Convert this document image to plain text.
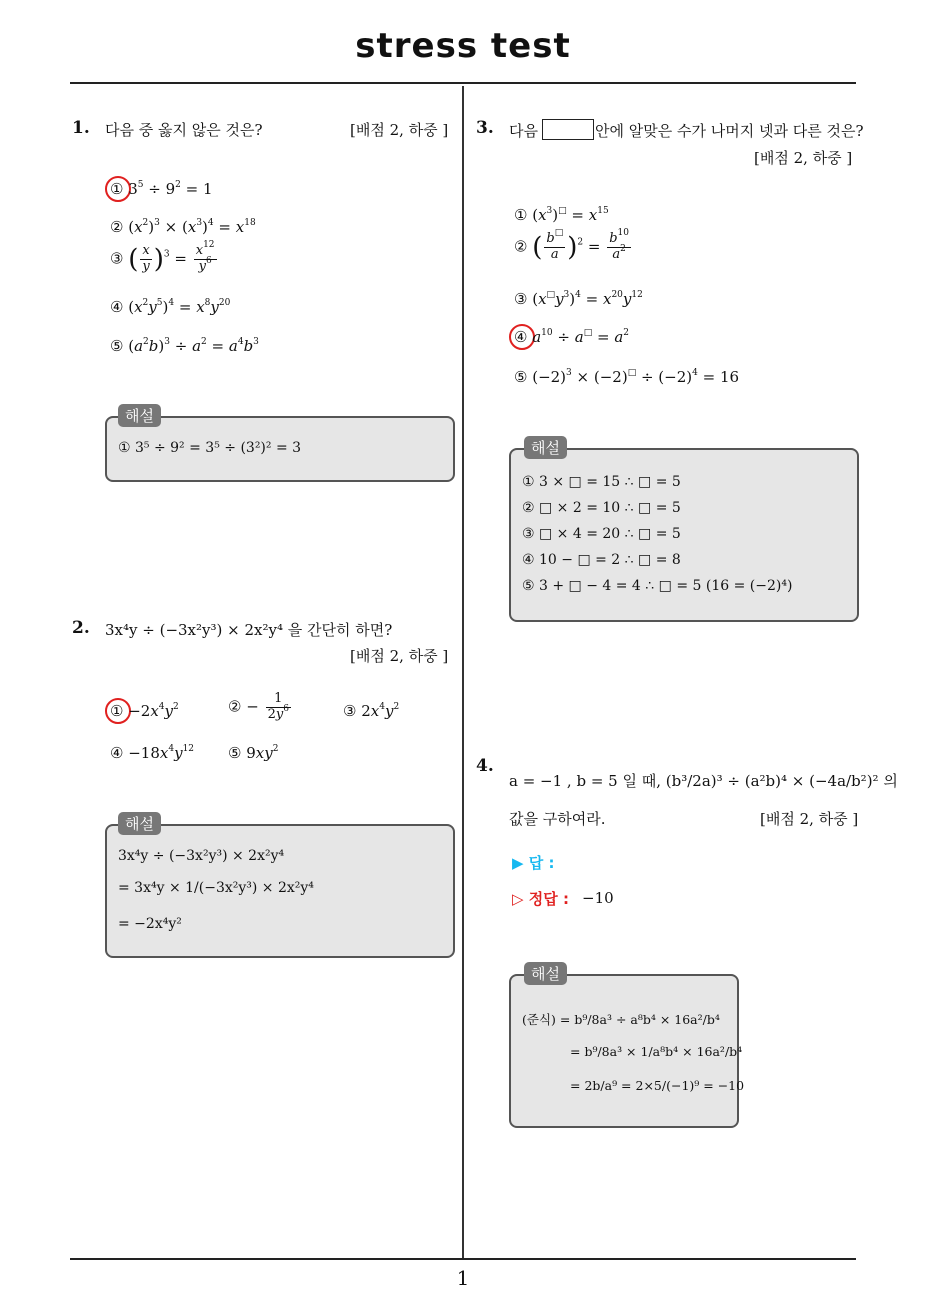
stress test
1
1. 다음 중 옳지 않은 것은?	[배점 2, 하중 ]
① $3^5 \div 9^2 = 1$
② $(x^2)^3 \times (x^3)^4 = x^{18}$
③ ( $\frac{x}{y} )^3 = \frac{x^{12}}{y^6}$
④ $(x^2y^5)^4 = x^8y^{20}$
⑤ $(a^2b)^3 \div a^2 = a^4b^3$
해설
① 3⁵ ÷ 9² = 3⁵ ÷ (3²)² = 3
2. 3x⁴y ÷ (−3x²y³) × 2x²y⁴ 을 간단히 하면?
[배점 2, 하중 ]
① $-2x^4y^2$	② − $\frac{1}{2y^6}$	③ $2x^4y^2$
④ $-18x^4y^{12}$ ⑤ $9xy^2$
해설
3x⁴y ÷ (−3x²y³) × 2x²y⁴
= 3x⁴y × 1/(−3x²y³) × 2x²y⁴
= −2x⁴y²
3. 다음	안에 알맞은 수가 나머지 넷과 다른 것은?
[배점 2, 하중 ]
① $(x^3)^□ = x^{15}$
② ( $\frac{b^□}{a} )^2 = \frac{b^{10}}{a^2}$
③ $(x^□y^3)^4 = x^{20}y^{12}$
④ $a^{10} \div a^□ = a^2$
⑤ $(-2)^3 \times (-2)^□ \div (-2)^4 = 16$
해설
① 3 × □ = 15 ∴ □ = 5
② □ × 2 = 10 ∴ □ = 5
③ □ × 4 = 20 ∴ □ = 5
④ 10 − □ = 2 ∴ □ = 8
⑤ 3 + □ − 4 = 4 ∴ □ = 5 (16 = (−2)⁴)
4.
a = −1 , b = 5 일 때, (b³/2a)³ ÷ (a²b)⁴ × (−4a/b²)² 의
값을 구하여라.	[배점 2, 하중 ]
▶ 답 :
▷ 정답 : −10
해설
(준식) = b⁹/8a³ ÷ a⁸b⁴ × 16a²/b⁴
= b⁹/8a³ × 1/a⁸b⁴ × 16a²/b⁴
= 2b/a⁹ = 2×5/(−1)⁹ = −10
